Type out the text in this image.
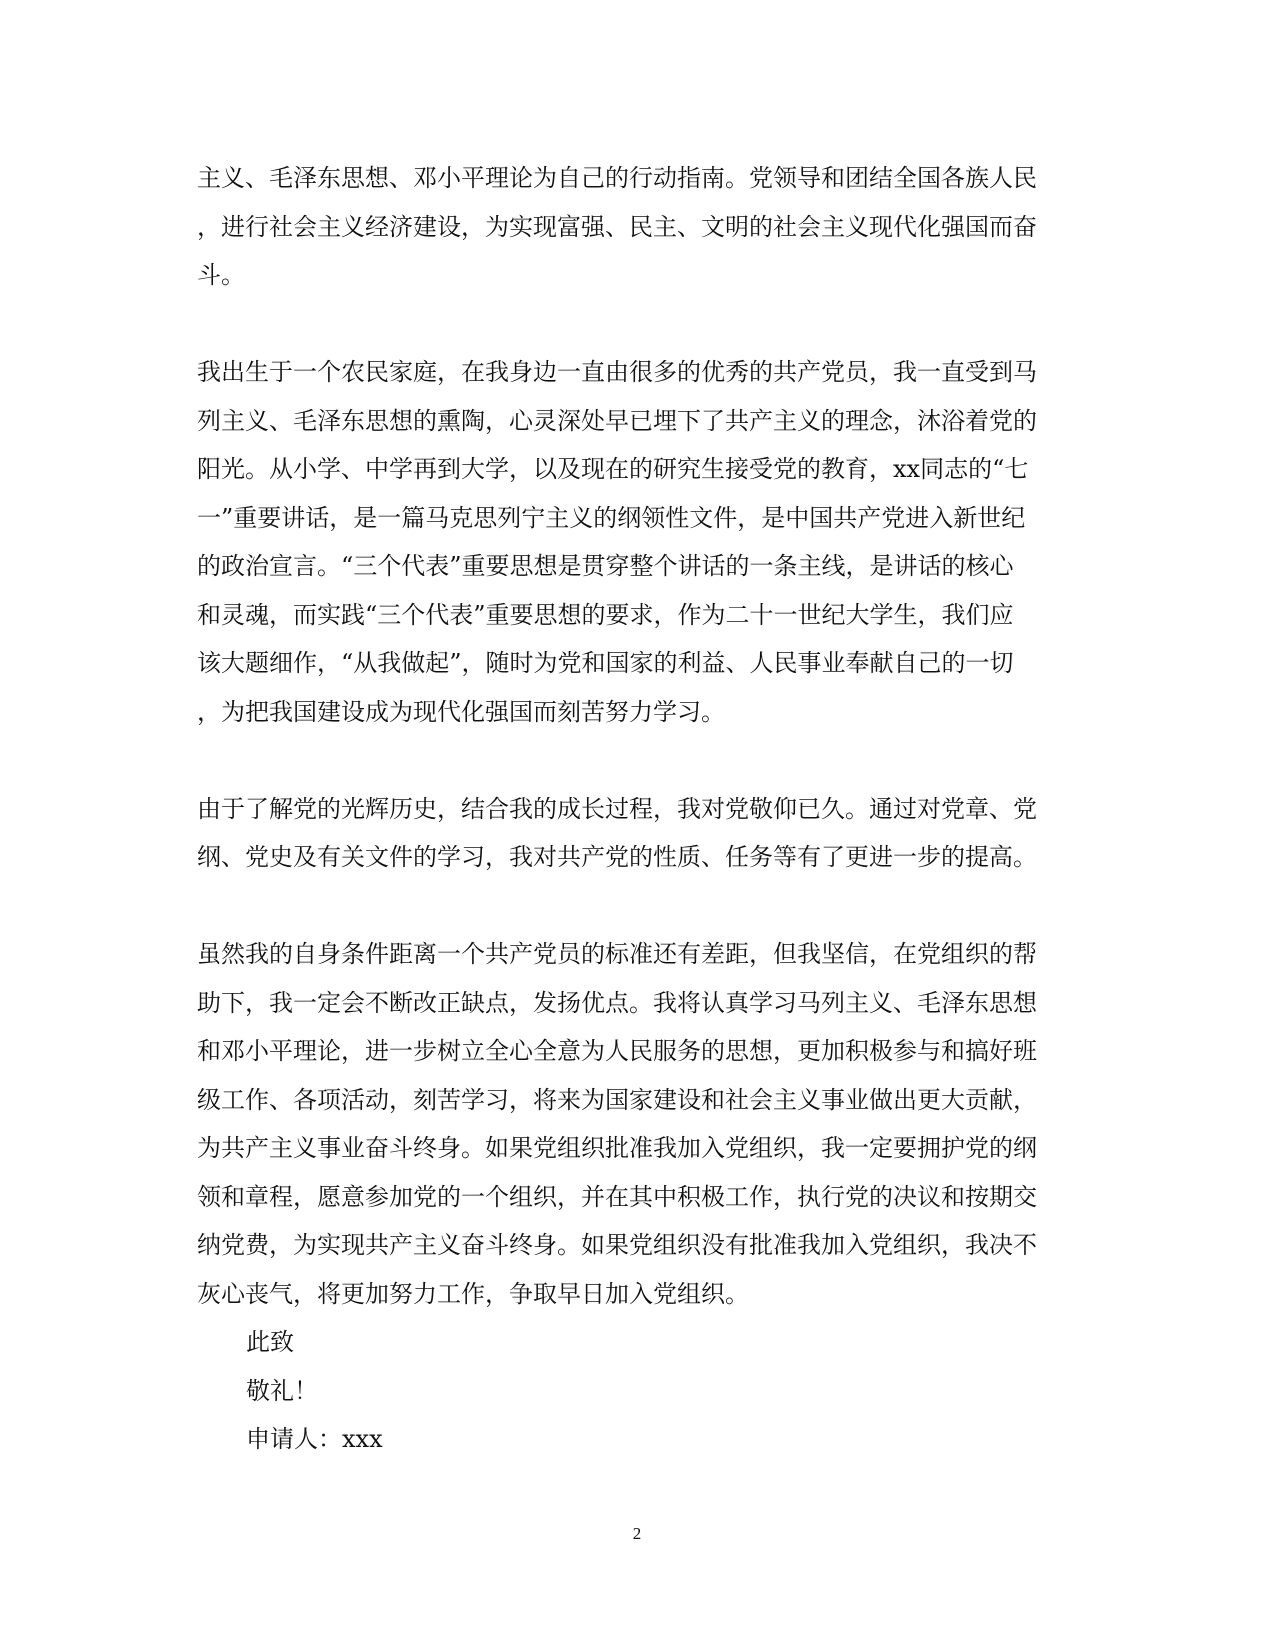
主义、毛泽东思想、邓小平理论为自己的行动指南。党领导和团结全国各族人民
，进行社会主义经济建设，为实现富强、民主、文明的社会主义现代化强国而奋
斗。
我出生于一个农民家庭，在我身边一直由很多的优秀的共产党员，我一直受到马
列主义、毛泽东思想的熏陶，心灵深处早已埋下了共产主义的理念，沐浴着党的
阳光。从小学、中学再到大学，以及现在的研究生接受党的教育，xx同志的“七
一”重要讲话，是一篇马克思列宁主义的纲领性文件，是中国共产党进入新世纪
的政治宣言。“三个代表”重要思想是贯穿整个讲话的一条主线，是讲话的核心
和灵魂，而实践“三个代表”重要思想的要求，作为二十一世纪大学生，我们应
该大题细作，“从我做起”，随时为党和国家的利益、人民事业奉献自己的一切
，为把我国建设成为现代化强国而刻苦努力学习。
由于了解党的光辉历史，结合我的成长过程，我对党敬仰已久。通过对党章、党
纲、党史及有关文件的学习，我对共产党的性质、任务等有了更进一步的提高。
虽然我的自身条件距离一个共产党员的标准还有差距，但我坚信，在党组织的帮
助下，我一定会不断改正缺点，发扬优点。我将认真学习马列主义、毛泽东思想
和邓小平理论，进一步树立全心全意为人民服务的思想，更加积极参与和搞好班
级工作、各项活动，刻苦学习，将来为国家建设和社会主义事业做出更大贡献，
为共产主义事业奋斗终身。如果党组织批准我加入党组织，我一定要拥护党的纲
领和章程，愿意参加党的一个组织，并在其中积极工作，执行党的决议和按期交
纳党费，为实现共产主义奋斗终身。如果党组织没有批准我加入党组织，我决不
灰心丧气，将更加努力工作，争取早日加入党组织。
此致
敬礼！
申请人：xxx
2
